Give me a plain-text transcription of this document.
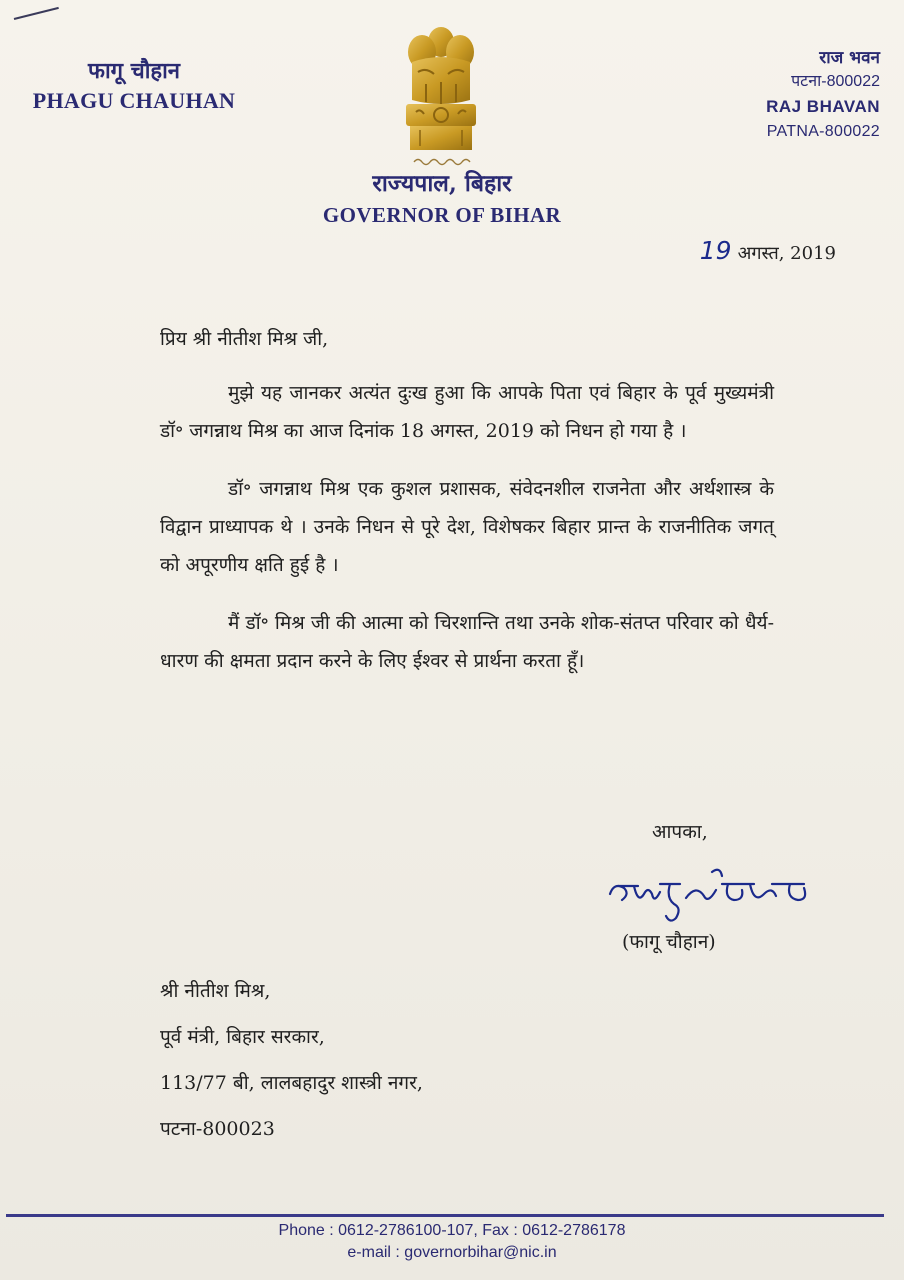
फागू चौहान
PHAGU CHAUHAN
राज्यपाल, बिहार
GOVERNOR OF BIHAR
राज भवन
पटना-800022
RAJ BHAVAN
PATNA-800022
19 अगस्त, 2019

प्रिय श्री नीतीश मिश्र जी,

मुझे यह जानकर अत्यंत दुःख हुआ कि आपके पिता एवं बिहार के पूर्व मुख्यमंत्री डॉ॰ जगन्नाथ मिश्र का आज दिनांक 18 अगस्त, 2019 को निधन हो गया है ।

डॉ॰ जगन्नाथ मिश्र एक कुशल प्रशासक, संवेदनशील राजनेता और अर्थशास्त्र के विद्वान प्राध्यापक थे । उनके निधन से पूरे देश, विशेषकर बिहार प्रान्त के राजनीतिक जगत् को अपूरणीय क्षति हुई है ।

मैं डॉ॰ मिश्र जी की आत्मा को चिरशान्ति तथा उनके शोक-संतप्त परिवार को धैर्य-धारण की क्षमता प्रदान करने के लिए ईश्वर से प्रार्थना करता हूँ।

आपका,
(फागू चौहान)
श्री नीतीश मिश्र,
पूर्व मंत्री, बिहार सरकार,
113/77 बी, लालबहादुर शास्त्री नगर,
पटना-800023
Phone : 0612-2786100-107, Fax : 0612-2786178
e-mail : governorbihar@nic.in
